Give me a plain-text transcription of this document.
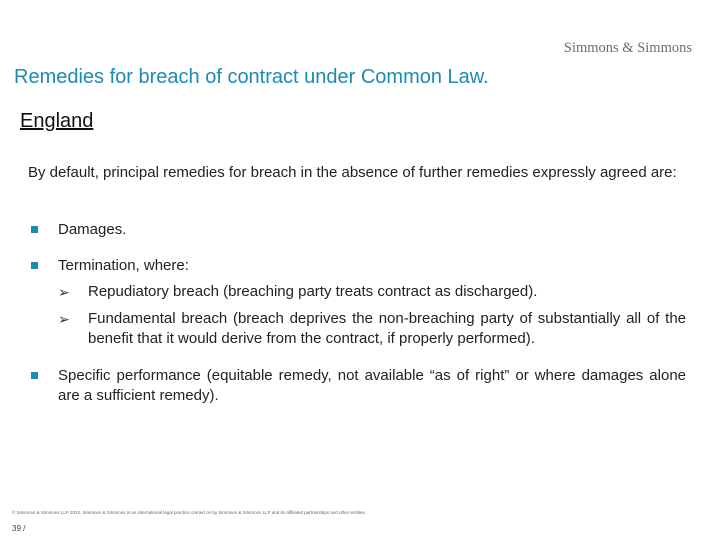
Simmons & Simmons
Remedies for breach of contract under Common Law.
England
By default, principal remedies for breach in the absence of further remedies expressly agreed are:
Damages.
Termination, where:
➢ Repudiatory breach (breaching party treats contract as discharged).
➢ Fundamental breach (breach deprives the non-breaching party of substantially all of the benefit that it would derive from the contract, if properly performed).
Specific performance (equitable remedy, not available “as of right” or where damages alone are a sufficient remedy).
© Simmons & Simmons LLP 2013. Simmons & Simmons is an international legal practice carried on by Simmons & Simmons LLP and its affiliated partnerships and other entities.
39 /
